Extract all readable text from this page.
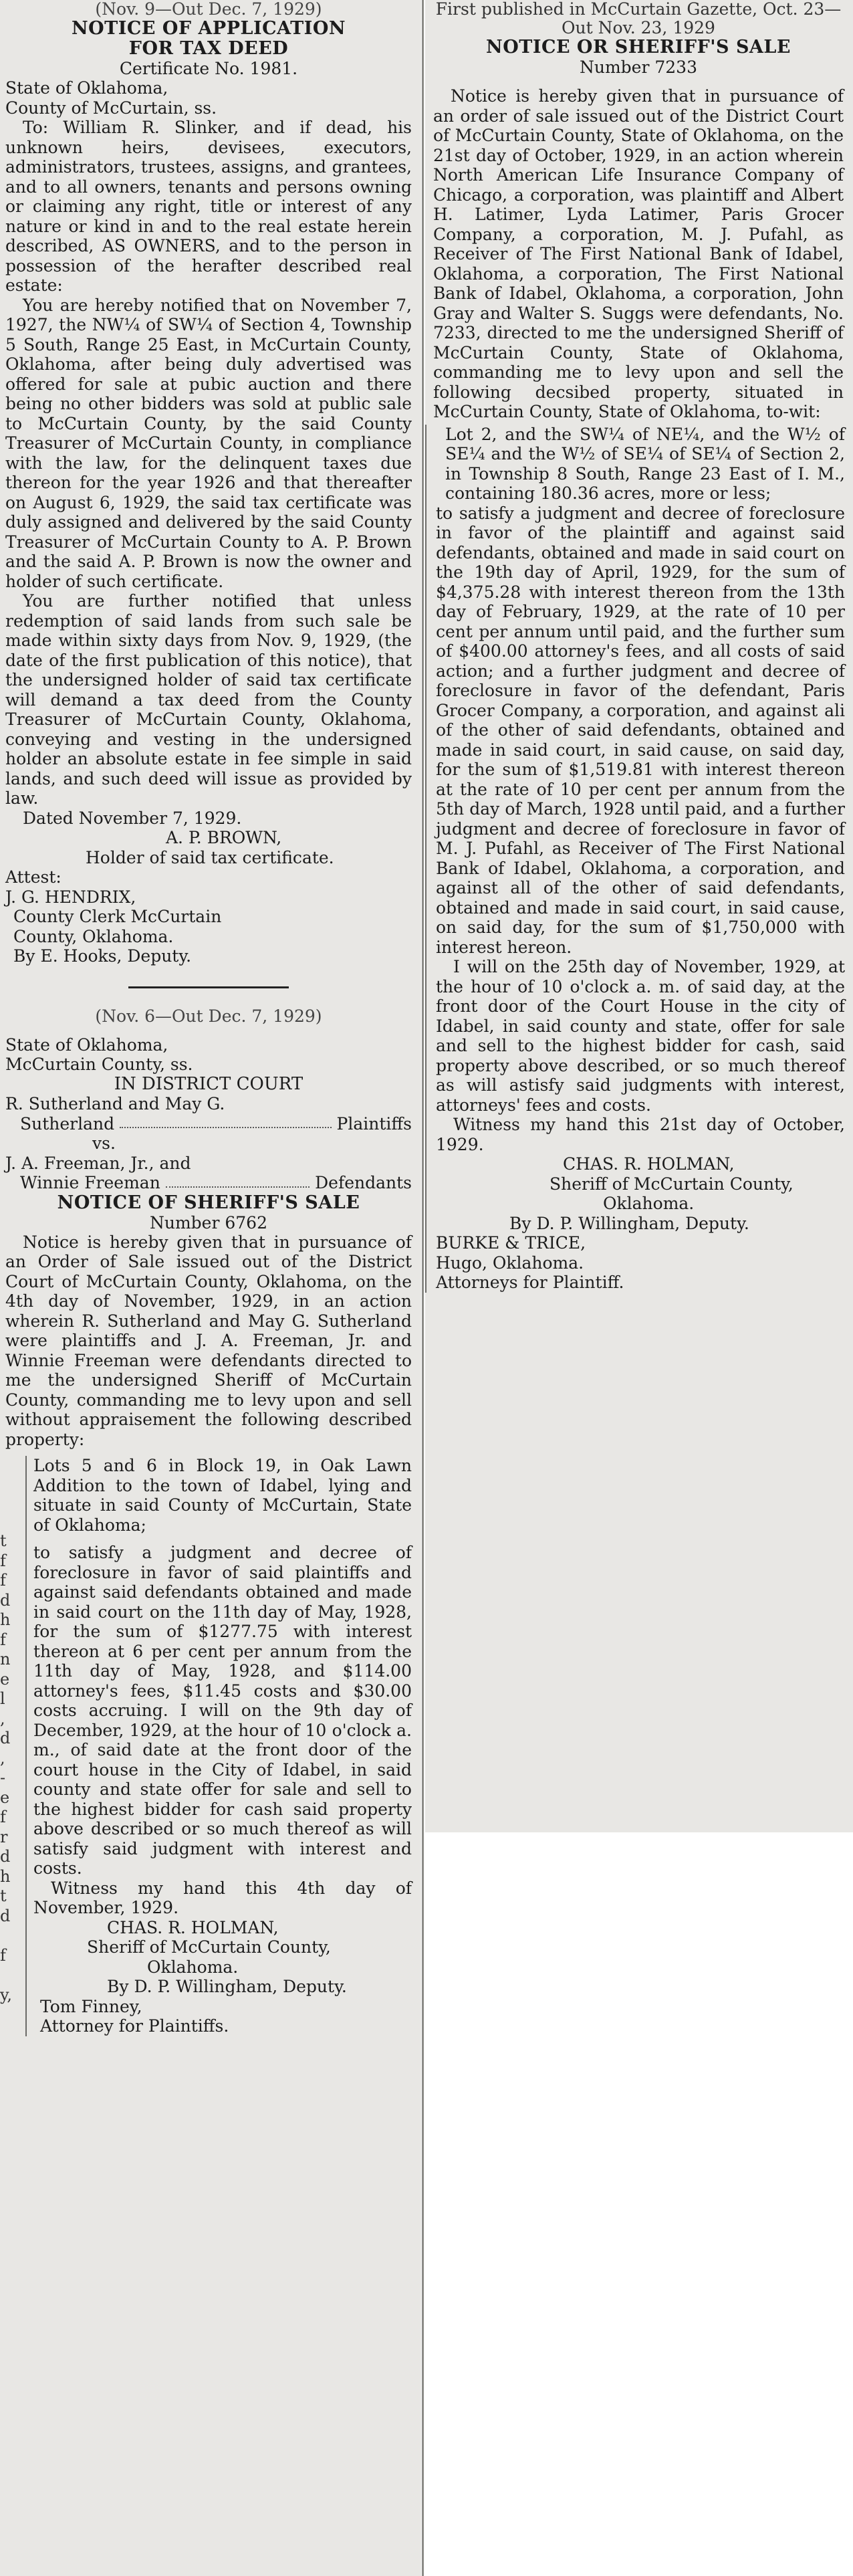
(Nov. 9—Out Dec. 7, 1929)
NOTICE OF APPLICATION
FOR TAX DEED
Certificate No. 1981.
State of Oklahoma,
County of McCurtain, ss.

To: William R. Slinker, and if dead, his unknown heirs, devisees, executors, administrators, trustees, assigns, and grantees, and to all owners, tenants and persons owning or claiming any right, title or interest of any nature or kind in and to the real estate herein described, AS OWNERS, and to the person in possession of the herafter described real estate:

You are hereby notified that on November 7, 1927, the NW¼ of SW¼ of Section 4, Township 5 South, Range 25 East, in McCurtain County, Oklahoma, after being duly advertised was offered for sale at pubic auction and there being no other bidders was sold at public sale to McCurtain County, by the said County Treasurer of McCurtain County, in compliance with the law, for the delinquent taxes due thereon for the year 1926 and that thereafter on August 6, 1929, the said tax certificate was duly assigned and delivered by the said County Treasurer of McCurtain County to A. P. Brown and the said A. P. Brown is now the owner and holder of such certificate.

You are further notified that unless redemption of said lands from such sale be made within sixty days from Nov. 9, 1929, (the date of the first publication of this notice), that the undersigned holder of said tax certificate will demand a tax deed from the County Treasurer of McCurtain County, Oklahoma, conveying and vesting in the undersigned holder an absolute estate in fee simple in said lands, and such deed will issue as provided by law.

Dated November 7, 1929.
A. P. BROWN,
Holder of said tax certificate.
Attest:
J. G. HENDRIX,
County Clerk McCurtain
County, Oklahoma.
By E. Hooks, Deputy.
(Nov. 6—Out Dec. 7, 1929)
State of Oklahoma,
McCurtain County, ss.
IN DISTRICT COURT
R. Sutherland and May G.
Sutherland	Plaintiffs
vs.
J. A. Freeman, Jr., and
Winnie Freeman	Defendants
NOTICE OF SHERIFF'S SALE
Number 6762

Notice is hereby given that in pursuance of an Order of Sale issued out of the District Court of McCurtain County, Oklahoma, on the 4th day of November, 1929, in an action wherein R. Sutherland and May G. Sutherland were plaintiffs and J. A. Freeman, Jr. and Winnie Freeman were defendants directed to me the undersigned Sheriff of McCurtain County, commanding me to levy upon and sell without appraisement the following described property:

Lots 5 and 6 in Block 19, in Oak Lawn Addition to the town of Idabel, lying and situate in said County of McCurtain, State of Oklahoma;

to satisfy a judgment and decree of foreclosure in favor of said plaintiffs and against said defendants obtained and made in said court on the 11th day of May, 1928, for the sum of $1277.75 with interest thereon at 6 per cent per annum from the 11th day of May, 1928, and $114.00 attorney's fees, $11.45 costs and $30.00 costs accruing. I will on the 9th day of December, 1929, at the hour of 10 o'clock a. m., of said date at the front door of the court house in the City of Idabel, in said county and state offer for sale and sell to the highest bidder for cash said property above described or so much thereof as will satisfy said judgment with interest and costs.

Witness my hand this 4th day of November, 1929.

CHAS. R. HOLMAN,
Sheriff of McCurtain County,
Oklahoma.
By D. P. Willingham, Deputy.
Tom Finney,
Attorney for Plaintiffs.
t
f
f
d
h
f
n
e
l
,
d
,
-
e
f
r
d
h
t
d

f

y,
First published in McCurtain Gazette, Oct. 23—Out Nov. 23, 1929
NOTICE OR SHERIFF'S SALE
Number 7233

Notice is hereby given that in pursuance of an order of sale issued out of the District Court of McCurtain County, State of Oklahoma, on the 21st day of October, 1929, in an action wherein North American Life Insurance Company of Chicago, a corporation, was plaintiff and Albert H. Latimer, Lyda Latimer, Paris Grocer Company, a corporation, M. J. Pufahl, as Receiver of The First National Bank of Idabel, Oklahoma, a corporation, The First National Bank of Idabel, Oklahoma, a corporation, John Gray and Walter S. Suggs were defendants, No. 7233, directed to me the undersigned Sheriff of McCurtain County, State of Oklahoma, commanding me to levy upon and sell the following decsibed property, situated in McCurtain County, State of Oklahoma, to-wit:

Lot 2, and the SW¼ of NE¼, and the W½ of SE¼ and the W½ of SE¼ of SE¼ of Section 2, in Township 8 South, Range 23 East of I. M., containing 180.36 acres, more or less;

to satisfy a judgment and decree of foreclosure in favor of the plaintiff and against said defendants, obtained and made in said court on the 19th day of April, 1929, for the sum of $4,375.28 with interest thereon from the 13th day of February, 1929, at the rate of 10 per cent per annum until paid, and the further sum of $400.00 attorney's fees, and all costs of said action; and a further judgment and decree of foreclosure in favor of the defendant, Paris Grocer Company, a corporation, and against ali of the other of said defendants, obtained and made in said court, in said cause, on said day, for the sum of $1,519.81 with interest thereon at the rate of 10 per cent per annum from the 5th day of March, 1928 until paid, and a further judgment and decree of foreclosure in favor of M. J. Pufahl, as Receiver of The First National Bank of Idabel, Oklahoma, a corporation, and against all of the other of said defendants, obtained and made in said court, in said cause, on said day, for the sum of $1,750,000 with interest hereon.

I will on the 25th day of November, 1929, at the hour of 10 o'clock a. m. of said day, at the front door of the Court House in the city of Idabel, in said county and state, offer for sale and sell to the highest bidder for cash, said property above described, or so much thereof as will astisfy said judgments with interest, attorneys' fees and costs.

Witness my hand this 21st day of October, 1929.

CHAS. R. HOLMAN,
Sheriff of McCurtain County,
Oklahoma.
By D. P. Willingham, Deputy.
BURKE & TRICE,
Hugo, Oklahoma.
Attorneys for Plaintiff.
